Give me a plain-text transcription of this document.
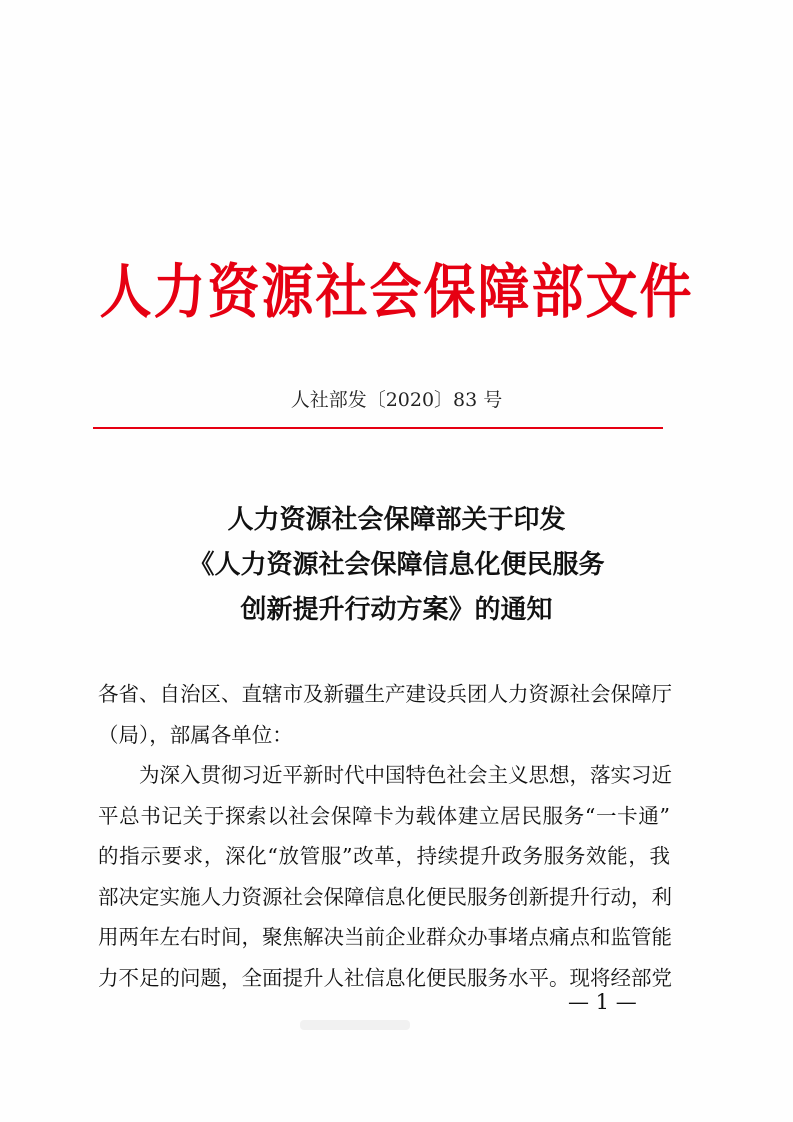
人力资源社会保障部文件
人社部发〔2020〕83 号
人力资源社会保障部关于印发
《人力资源社会保障信息化便民服务
创新提升行动方案》的通知
各省、自治区、直辖市及新疆生产建设兵团人力资源社会保障厅
（局），部属各单位：
为深入贯彻习近平新时代中国特色社会主义思想，落实习近
平总书记关于探索以社会保障卡为载体建立居民服务“一卡通”
的指示要求，深化“放管服”改革，持续提升政务服务效能，我
部决定实施人力资源社会保障信息化便民服务创新提升行动，利
用两年左右时间，聚焦解决当前企业群众办事堵点痛点和监管能
力不足的问题，全面提升人社信息化便民服务水平。现将经部党
— 1 —
